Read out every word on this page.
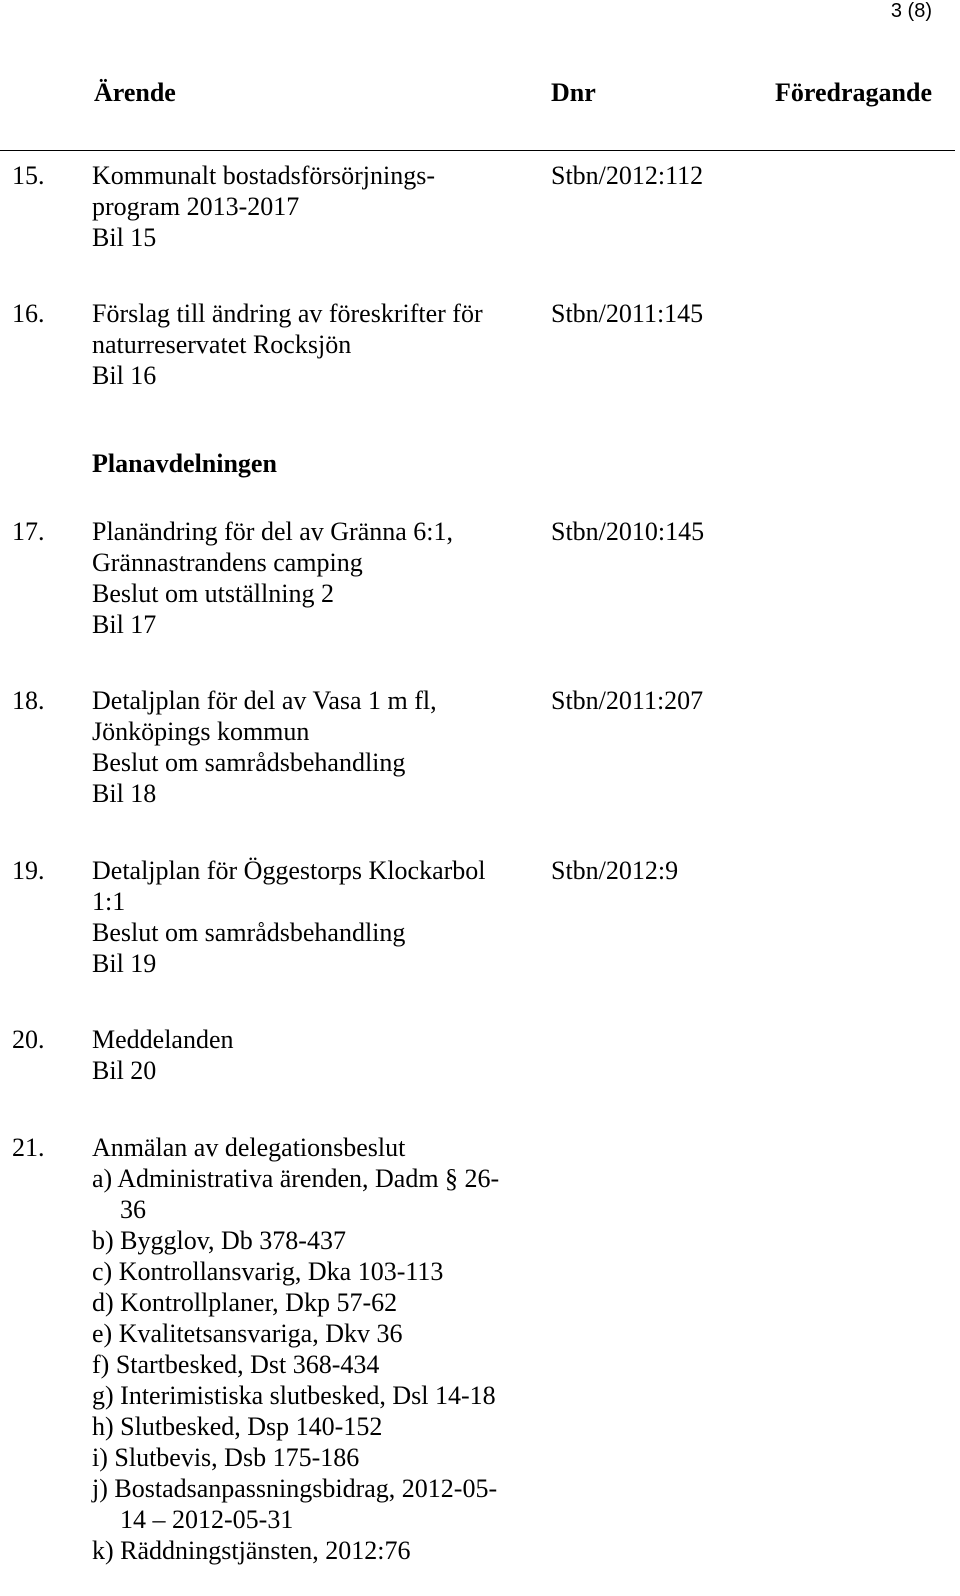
3 (8)
Ärende	Dnr	Föredragande
15. Kommunalt bostadsförsörjnings-
program 2013-2017
Bil 15
Stbn/2012:112
16. Förslag till ändring av föreskrifter för
naturreservatet Rocksjön
Bil 16
Stbn/2011:145
Planavdelningen
17. Planändring för del av Gränna 6:1,
Grännastrandens camping
Beslut om utställning 2
Bil 17
Stbn/2010:145
18. Detaljplan för del av Vasa 1 m fl,
Jönköpings kommun
Beslut om samrådsbehandling
Bil 18
Stbn/2011:207
19. Detaljplan för Öggestorps Klockarbol
1:1
Beslut om samrådsbehandling
Bil 19
Stbn/2012:9
20. Meddelanden
Bil 20
21. Anmälan av delegationsbeslut
a) Administrativa ärenden, Dadm § 26-
36
b) Bygglov, Db 378-437
c) Kontrollansvarig, Dka 103-113
d) Kontrollplaner, Dkp 57-62
e) Kvalitetsansvariga, Dkv 36
f) Startbesked, Dst 368-434
g) Interimistiska slutbesked, Dsl 14-18
h) Slutbesked, Dsp 140-152
i) Slutbevis, Dsb 175-186
j) Bostadsanpassningsbidrag, 2012-05-
14 – 2012-05-31
k) Räddningstjänsten, 2012:76
